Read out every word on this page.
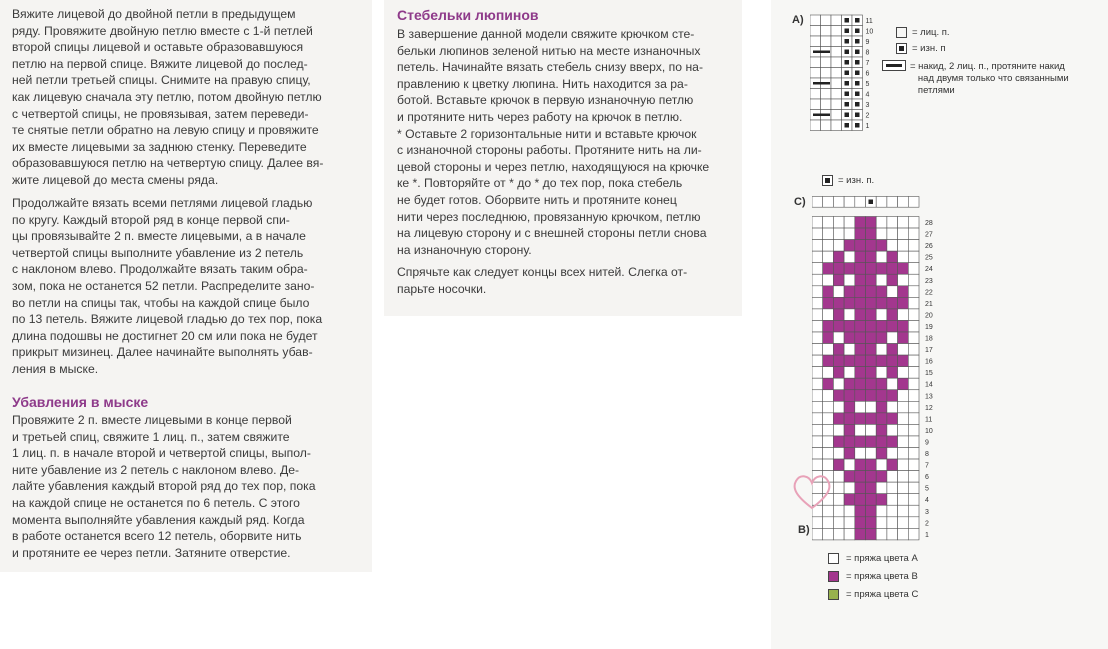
Вяжите лицевой до двойной петли в предыдущем
ряду. Провяжите двойную петлю вместе с 1-й петлей
второй спицы лицевой и оставьте образовавшуюся
петлю на первой спице. Вяжите лицевой до послед-
ней петли третьей спицы. Снимите на правую спицу,
как лицевую сначала эту петлю, потом двойную петлю
с четвертой спицы, не провязывая, затем переведи-
те снятые петли обратно на левую спицу и провяжите
их вместе лицевыми за заднюю стенку. Переведите
образовавшуюся петлю на четвертую спицу. Далее вя-
жите лицевой до места смены ряда.
Продолжайте вязать всеми петлями лицевой гладью
по кругу. Каждый второй ряд в конце первой спи-
цы провязывайте 2 п. вместе лицевыми, а в начале
четвертой спицы выполните убавление из 2 петель
с наклоном влево. Продолжайте вязать таким обра-
зом, пока не останется 52 петли. Распределите зано-
во петли на спицы так, чтобы на каждой спице было
по 13 петель. Вяжите лицевой гладью до тех пор, пока
длина подошвы не достигнет 20 см или пока не будет
прикрыт мизинец. Далее начинайте выполнять убав-
ления в мыске.
Убавления в мыске
Провяжите 2 п. вместе лицевыми в конце первой
и третьей спиц, свяжите 1 лиц. п., затем свяжите
1 лиц. п. в начале второй и четвертой спицы, выпол-
ните убавление из 2 петель с наклоном влево. Де-
лайте убавления каждый второй ряд до тех пор, пока
на каждой спице не останется по 6 петель. С этого
момента выполняйте убавления каждый ряд. Когда
в работе останется всего 12 петель, оборвите нить
и протяните ее через петли. Затяните отверстие.
Стебельки люпинов
В завершение данной модели свяжите крючком сте-
бельки люпинов зеленой нитью на месте изнаночных
петель. Начинайте вязать стебель снизу вверх, по на-
правлению к цветку люпина. Нить находится за ра-
ботой. Вставьте крючок в первую изнаночную петлю
и протяните нить через работу на крючок в петлю.
* Оставьте 2 горизонтальные нити и вставьте крючок
с изнаночной стороны работы. Протяните нить на ли-
цевой стороны и через петлю, находящуюся на крючке
кe *. Повторяйте от * до * до тех пор, пока стебель
не будет готов. Оборвите нить и протяните конец
нити через последнюю, провязанную крючком, петлю
на лицевую сторону и с внешней стороны петли снова
на изнаночную сторону.
Спрячьте как следует концы всех нитей. Слегка от-
парьте носочки.
A)	11
10
9
8
7
6
5
4
3
2
1
= лиц. п.
= изн. п
= накид, 2 лиц. п., протяните накид
над двумя только что связанными
петлями
= изн. п.
C)
28
27
26
25
24
23
22
21
20
19
18
17
16
15
14
13
12
11
10
9
8
7
6
5
4
3
2
1
B)
= пряжа цвета A
= пряжа цвета B
= пряжа цвета C
